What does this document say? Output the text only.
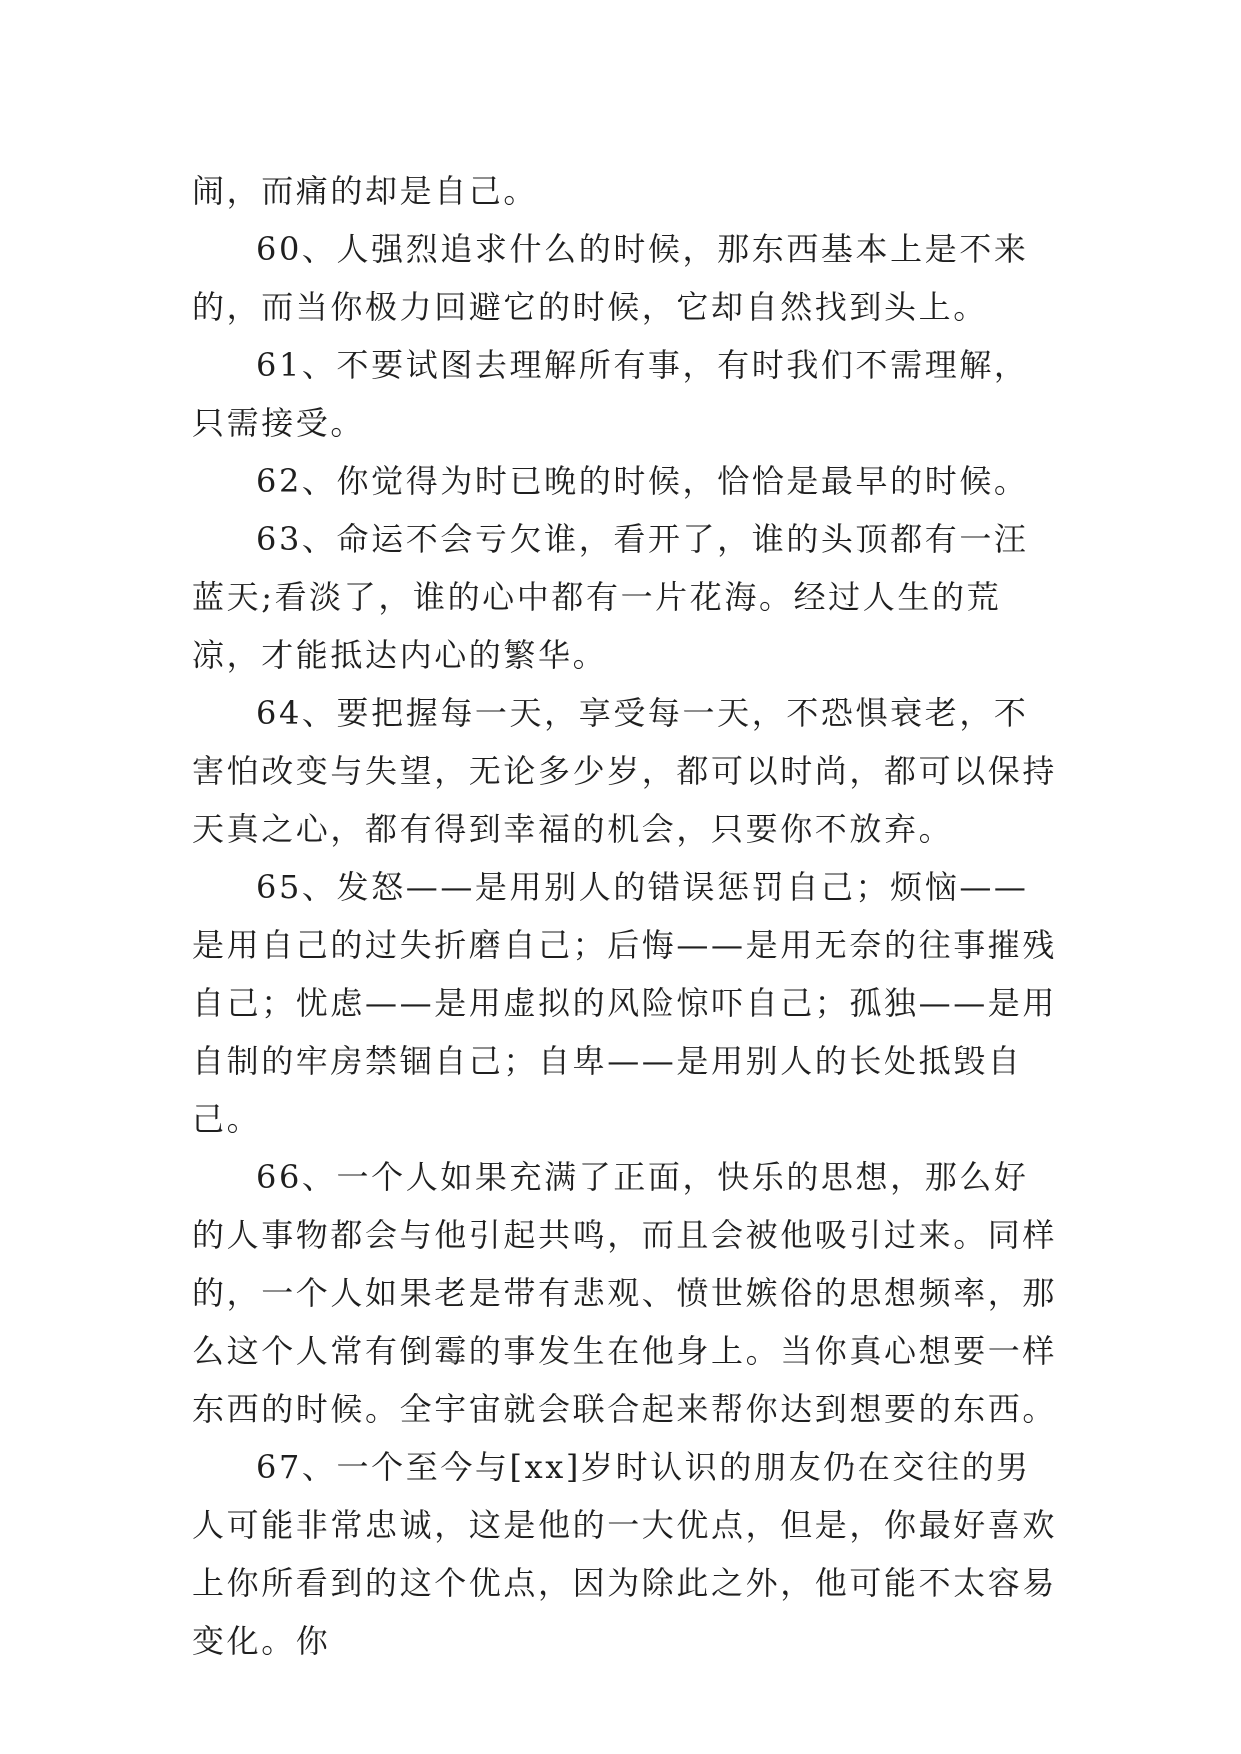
闹，而痛的却是自己。

60、人强烈追求什么的时候，那东西基本上是不来的，而当你极力回避它的时候，它却自然找到头上。

61、不要试图去理解所有事，有时我们不需理解，只需接受。

62、你觉得为时已晚的时候，恰恰是最早的时候。

63、命运不会亏欠谁，看开了，谁的头顶都有一汪蓝天;看淡了，谁的心中都有一片花海。经过人生的荒凉，才能抵达内心的繁华。

64、要把握每一天，享受每一天，不恐惧衰老，不害怕改变与失望，无论多少岁，都可以时尚，都可以保持天真之心，都有得到幸福的机会，只要你不放弃。

65、发怒——是用别人的错误惩罚自己；烦恼——是用自己的过失折磨自己；后悔——是用无奈的往事摧残自己；忧虑——是用虚拟的风险惊吓自己；孤独——是用自制的牢房禁锢自己；自卑——是用别人的长处抵毁自己。

66、一个人如果充满了正面，快乐的思想，那么好的人事物都会与他引起共鸣，而且会被他吸引过来。同样的，一个人如果老是带有悲观、愤世嫉俗的思想频率，那么这个人常有倒霉的事发生在他身上。当你真心想要一样东西的时候。全宇宙就会联合起来帮你达到想要的东西。

67、一个至今与[xx]岁时认识的朋友仍在交往的男人可能非常忠诚，这是他的一大优点，但是，你最好喜欢上你所看到的这个优点，因为除此之外，他可能不太容易变化。你
